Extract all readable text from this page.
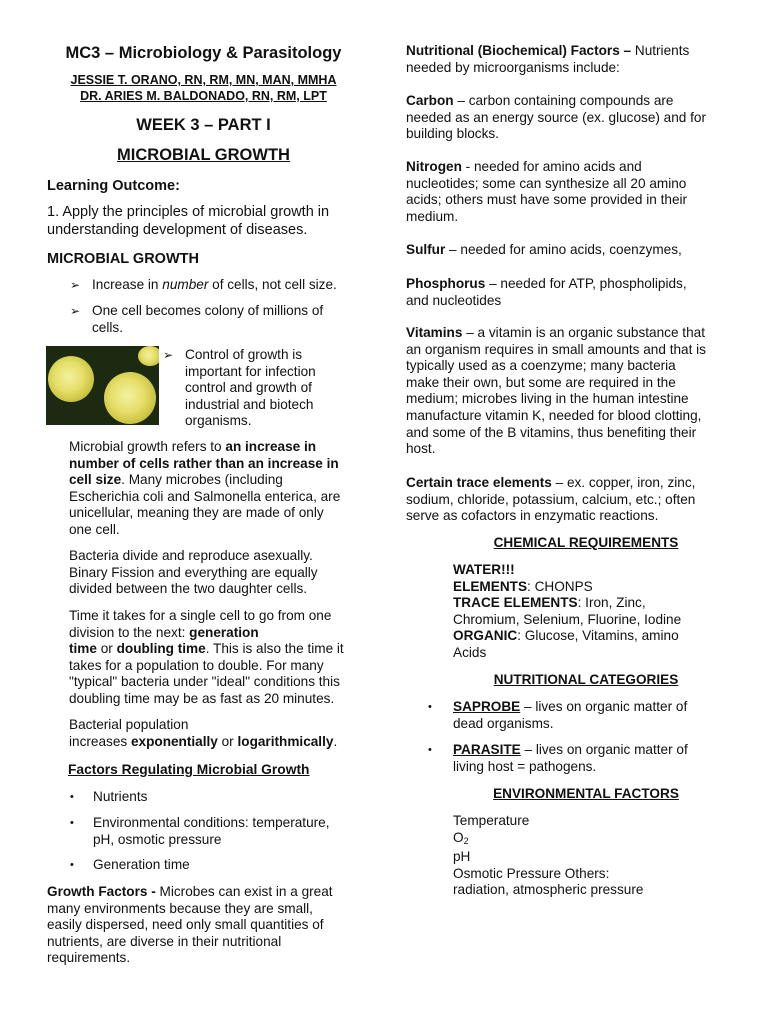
MC3 – Microbiology & Parasitology
JESSIE T. ORANO, RN, RM, MN, MAN, MMHA
DR. ARIES M. BALDONADO, RN, RM, LPT
WEEK 3 – PART I
MICROBIAL GROWTH
Learning Outcome:
1. Apply the principles of microbial growth in
understanding development of diseases.
MICROBIAL GROWTH
➢ Increase in number of cells, not cell size.
➢ One cell becomes colony of millions of
cells.
➢ Control of growth is
important for infection
control and growth of
industrial and biotech
organisms.
Microbial growth refers to an increase in
number of cells rather than an increase in
cell size. Many microbes (including
Escherichia coli and Salmonella enterica, are
unicellular, meaning they are made of only
one cell.
Bacteria divide and reproduce asexually.
Binary Fission and everything are equally
divided between the two daughter cells.
Time it takes for a single cell to go from one
division to the next: generation
time or doubling time. This is also the time it
takes for a population to double. For many
"typical" bacteria under "ideal" conditions this
doubling time may be as fast as 20 minutes.
Bacterial population
increases exponentially or logarithmically.
Factors Regulating Microbial Growth
• Nutrients
• Environmental conditions: temperature,
pH, osmotic pressure
• Generation time
Growth Factors - Microbes can exist in a great
many environments because they are small,
easily dispersed, need only small quantities of
nutrients, are diverse in their nutritional
requirements.
Nutritional (Biochemical) Factors – Nutrients
needed by microorganisms include:
Carbon – carbon containing compounds are
needed as an energy source (ex. glucose) and for
building blocks.
Nitrogen - needed for amino acids and
nucleotides; some can synthesize all 20 amino
acids; others must have some provided in their
medium.
Sulfur – needed for amino acids, coenzymes,
Phosphorus – needed for ATP, phospholipids,
and nucleotides
Vitamins – a vitamin is an organic substance that
an organism requires in small amounts and that is
typically used as a coenzyme; many bacteria
make their own, but some are required in the
medium; microbes living in the human intestine
manufacture vitamin K, needed for blood clotting,
and some of the B vitamins, thus benefiting their
host.
Certain trace elements – ex. copper, iron, zinc,
sodium, chloride, potassium, calcium, etc.; often
serve as cofactors in enzymatic reactions.
CHEMICAL REQUIREMENTS
WATER!!!
ELEMENTS: CHONPS
TRACE ELEMENTS: Iron, Zinc,
Chromium, Selenium, Fluorine, Iodine
ORGANIC: Glucose, Vitamins, amino
Acids
NUTRITIONAL CATEGORIES
• SAPROBE – lives on organic matter of
dead organisms.
• PARASITE – lives on organic matter of
living host = pathogens.
ENVIRONMENTAL FACTORS
Temperature
O2
pH
Osmotic Pressure Others:
radiation, atmospheric pressure
